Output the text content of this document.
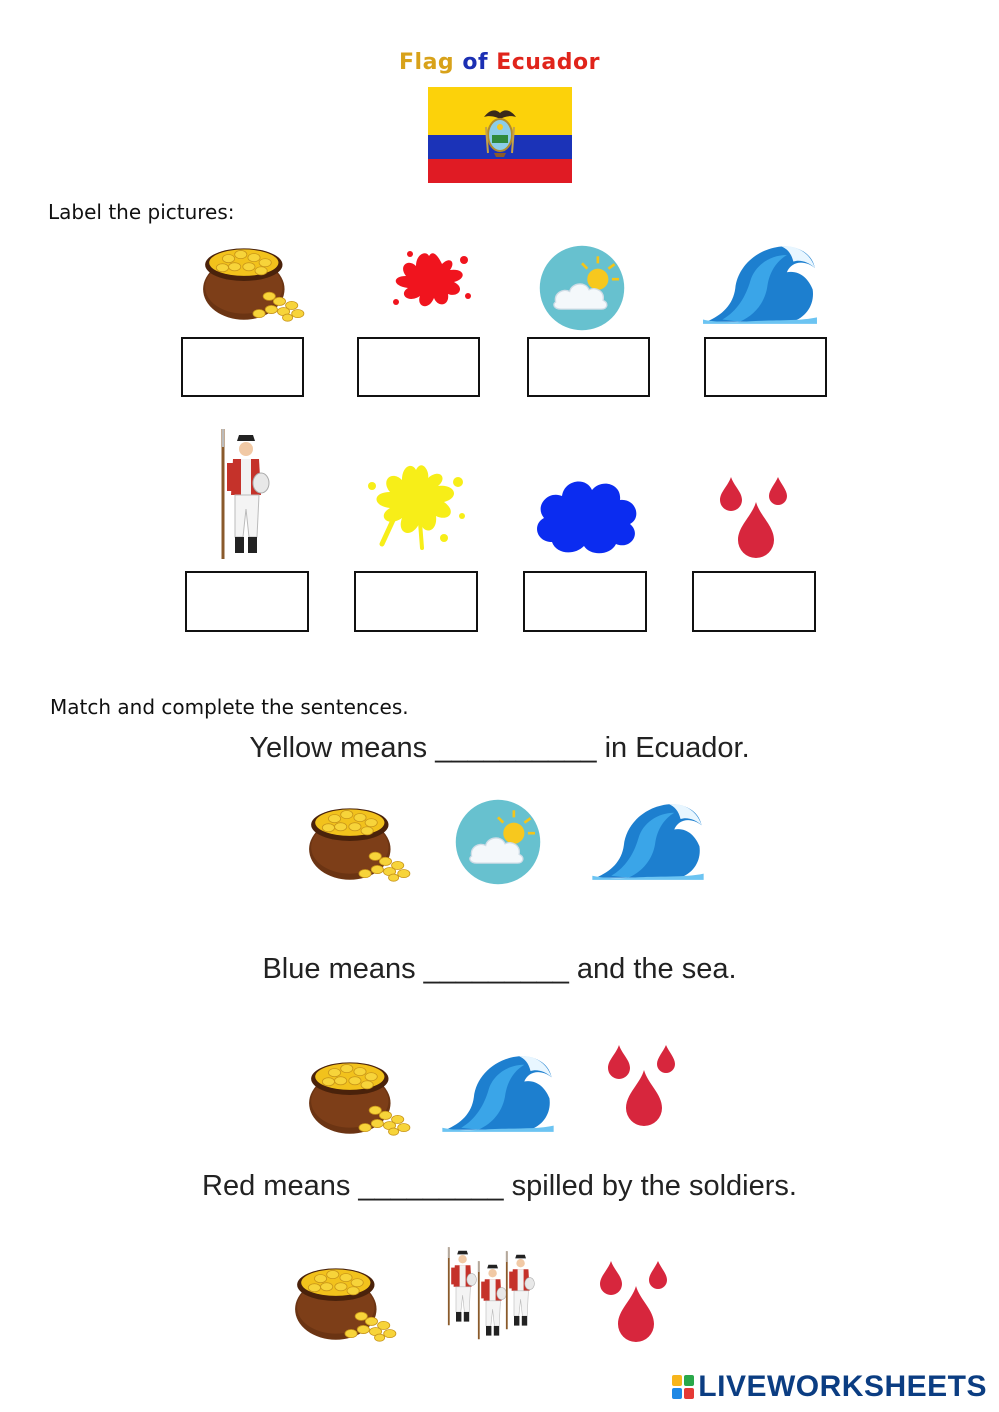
Flag of Ecuador
Label the pictures:
Match and complete the sentences.
Yellow means __________ in Ecuador.
Blue means _________ and the sea.
Red means _________ spilled by the soldiers.
LIVEWORKSHEETS
